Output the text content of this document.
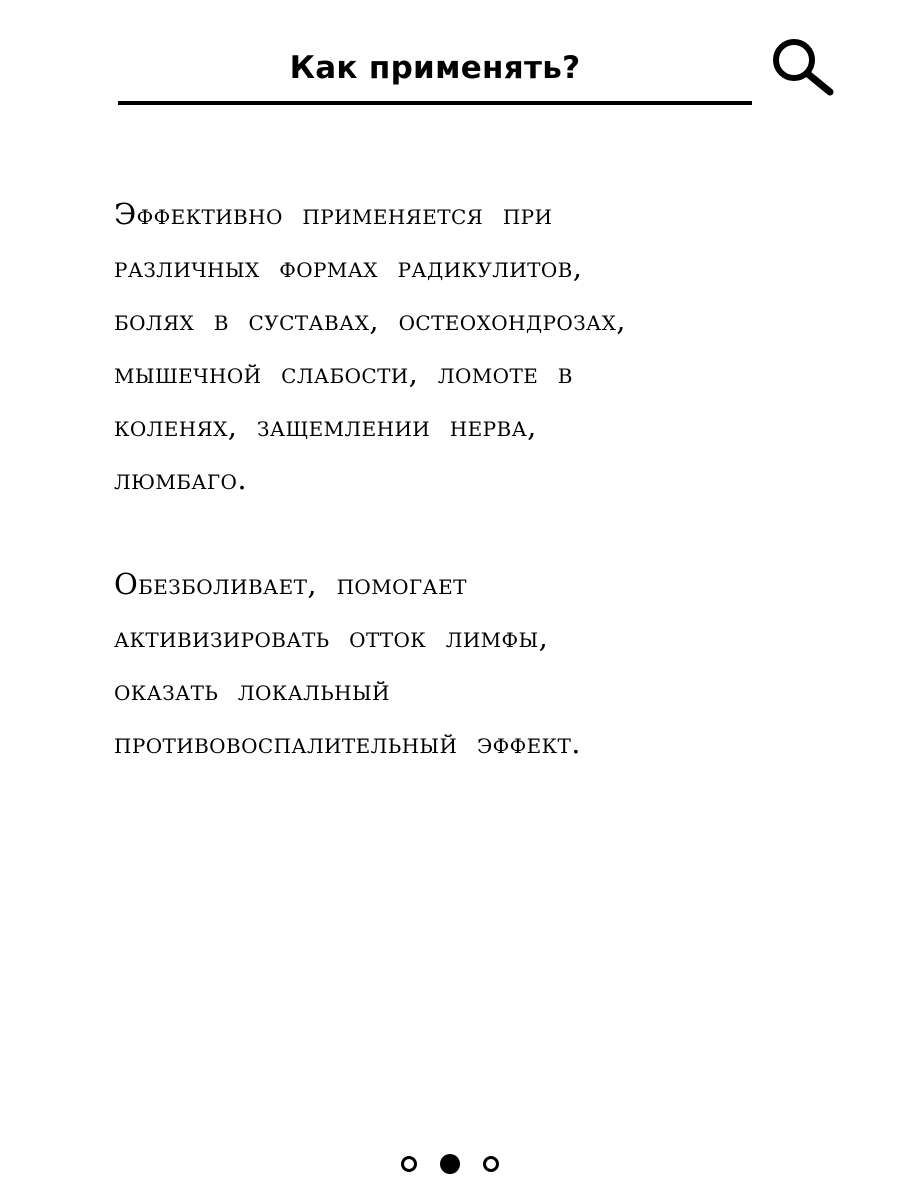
Как применять?

Эффективно применяется при
различных формах радикулитов,
болях в суставах, остеохондрозах,
мышечной слабости, ломоте в
коленях, защемлении нерва,
люмбаго.

Обезболивает, помогает
активизировать отток лимфы,
оказать локальный
противовоспалительный эффект.
